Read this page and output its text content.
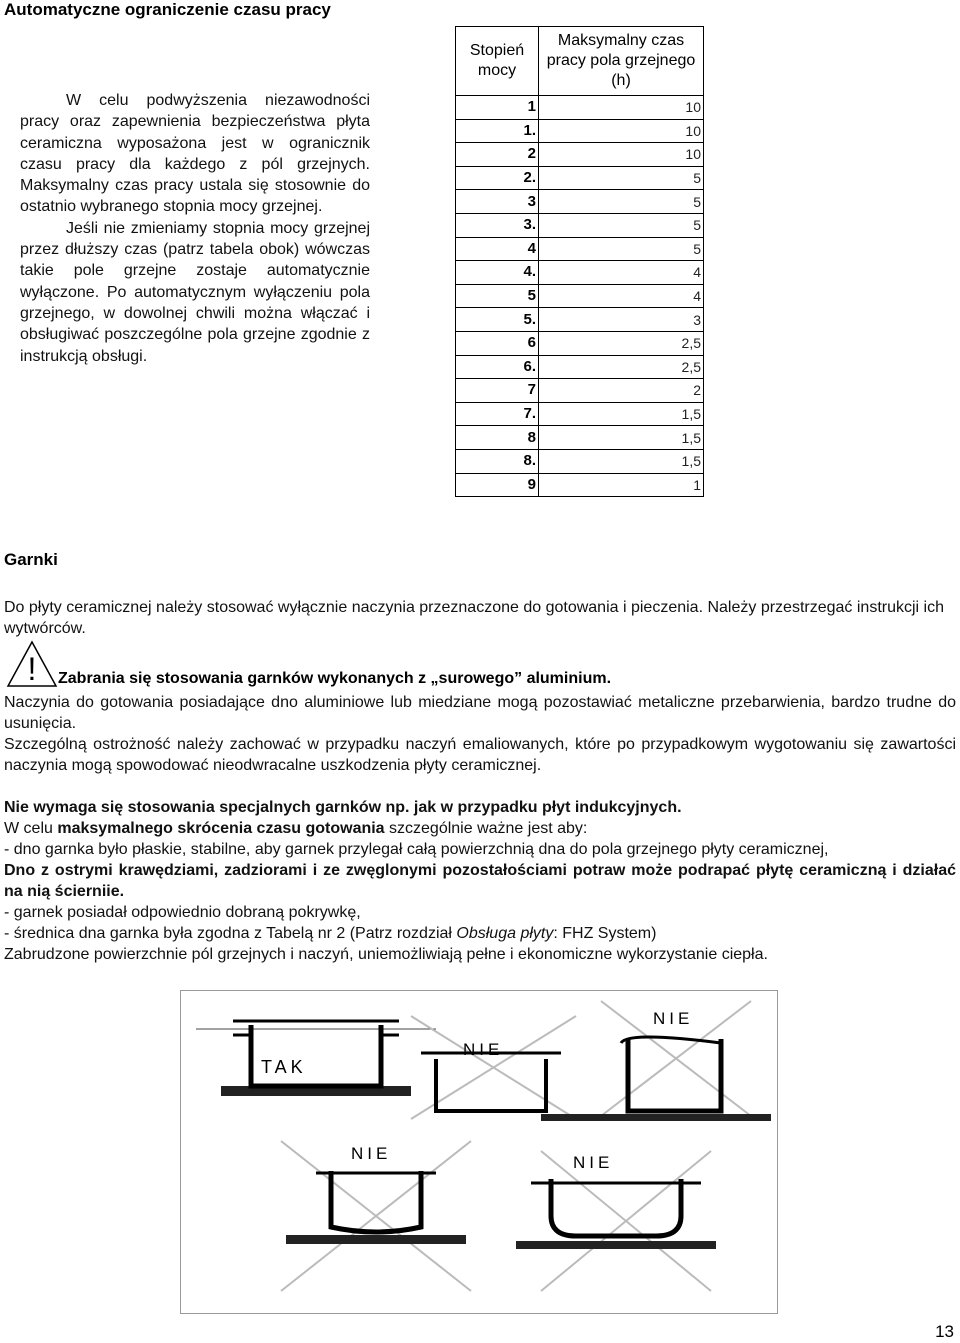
Automatyczne ograniczenie czasu pracy

W celu podwyższenia niezawodności pracy oraz zapewnienia bezpieczeństwa płyta ceramiczna wyposażona jest w ogranicznik czasu pracy dla każdego z pól grzejnych. Maksymalny czas pracy ustala się stosownie do ostatnio wybranego stopnia mocy grzejnej.

Jeśli nie zmieniamy stopnia mocy grzejnej przez dłuższy czas (patrz tabela obok) wówczas takie pole grzejne zostaje automatycznie wyłączone. Po automatycznym wyłączeniu pola grzejnego, w dowolnej chwili można włączać i obsługiwać poszczególne pola grzejne zgodnie z instrukcją obsługi.

Stopień mocy	Maksymalny czas pracy pola grzejnego (h)
1	10
1.	10
2	10
2.	5
3	5
3.	5
4	5
4.	4
5	4
5.	3
6	2,5
6.	2,5
7	2
7.	1,5
8	1,5
8.	1,5
9	1
Garnki
Do płyty ceramicznej należy stosować wyłącznie naczynia przeznaczone do gotowania i pieczenia. Należy przestrzegać instrukcji ich wytwórców.
! Zabrania się stosowania garnków wykonanych z „surowego” aluminium.
Naczynia do gotowania posiadające dno aluminiowe lub miedziane mogą pozostawiać metaliczne przebarwienia, bardzo trudne do usunięcia.
Szczególną ostrożność należy zachować w przypadku naczyń emaliowanych, które po przypadkowym wygotowaniu się zawartości naczynia mogą spowodować nieodwracalne uszkodzenia płyty ceramicznej.
Nie wymaga się stosowania specjalnych garnków np. jak w przypadku płyt indukcyjnych.
W celu maksymalnego skrócenia czasu gotowania szczególnie ważne jest aby:
- dno garnka było płaskie, stabilne, aby garnek przylegał całą powierzchnią dna do pola grzejnego płyty ceramicznej,
Dno z ostrymi krawędziami, zadziorami i ze zwęglonymi pozostałościami potraw może podrapać płytę ceramiczną i działać na nią ścierniie.
- garnek posiadał odpowiednio dobraną pokrywkę,
- średnica dna garnka była zgodna z Tabelą nr 2 (Patrz rozdział Obsługa płyty: FHZ System)
Zabrudzone powierzchnie pól grzejnych i naczyń, uniemożliwiają pełne i ekonomiczne wykorzystanie ciepła.
TAK
NIE
NIE
NIE	NIE
13
